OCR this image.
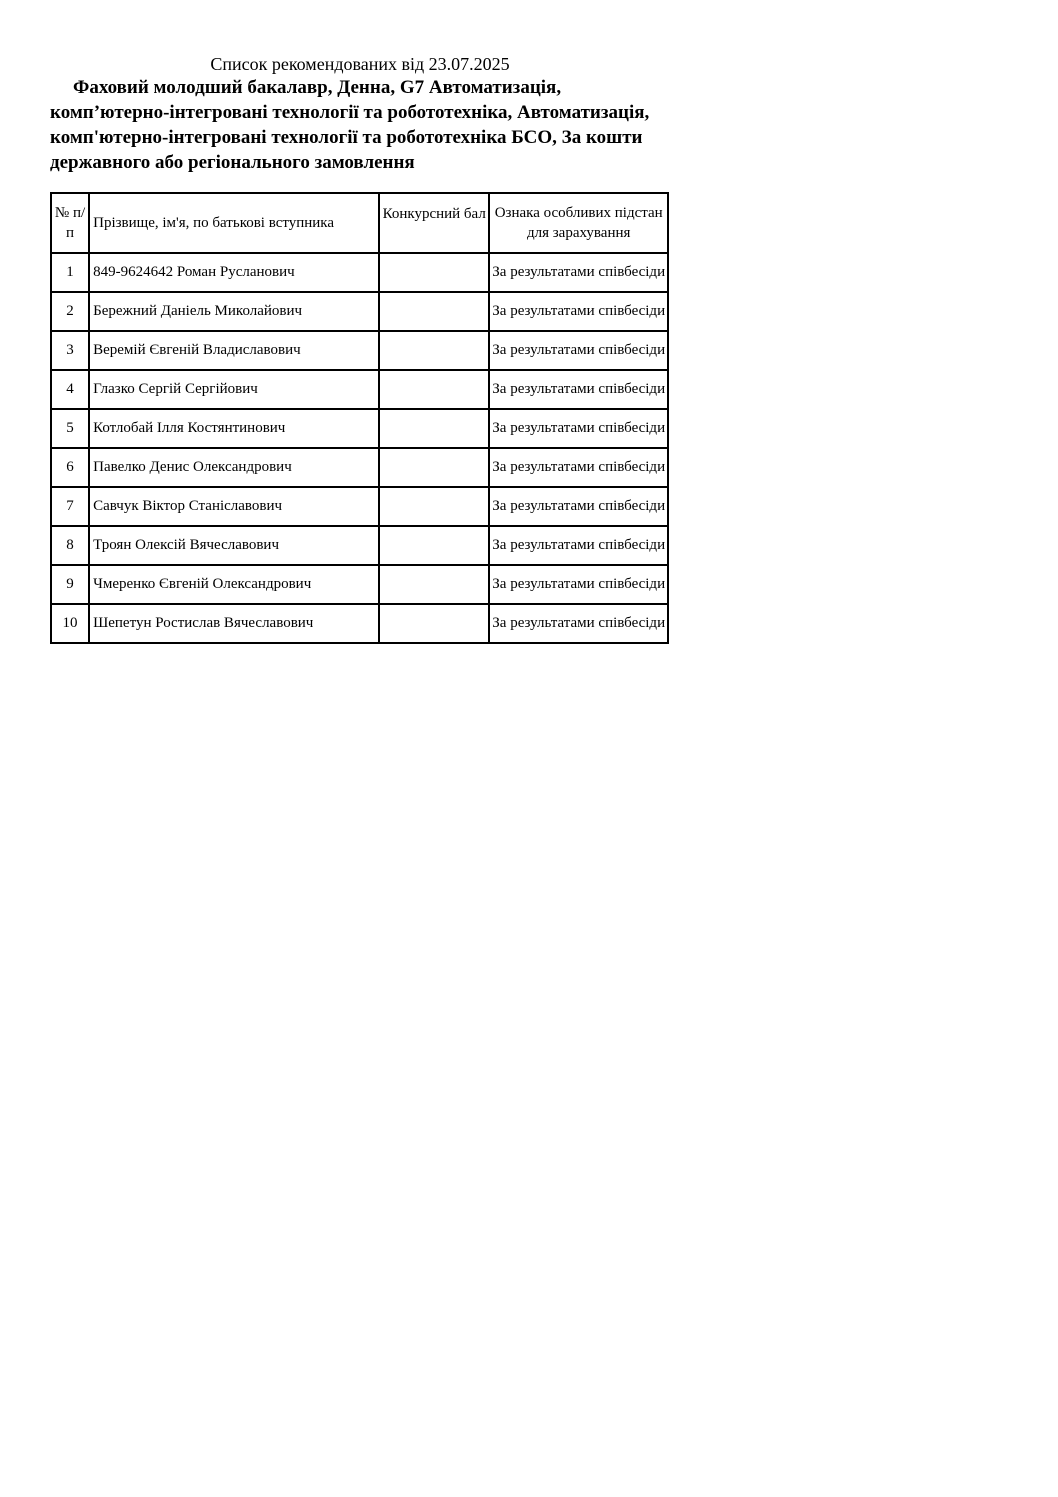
Список рекомендованих від 23.07.2025
Фаховий молодший бакалавр, Денна, G7 Автоматизація, комп’ютерно-інтегровані технології та робототехніка, Автоматизація, комп'ютерно-інтегровані технології та робототехніка БСО, За кошти державного або регіонального замовлення
№ п/п	Прізвище, ім'я, по батькові вступника	Конкурсний бал	Ознака особливих підстан для зарахування
1	849-9624642 Роман Русланович		За результатами співбесіди
2	Бережний Даніель Миколайович		За результатами співбесіди
3	Веремій Євгеній Владиславович		За результатами співбесіди
4	Глазко Сергій Сергійович		За результатами співбесіди
5	Котлобай Ілля Костянтинович		За результатами співбесіди
6	Павелко Денис Олександрович		За результатами співбесіди
7	Савчук Віктор Станіславович		За результатами співбесіди
8	Троян Олексій Вячеславович		За результатами співбесіди
9	Чмеренко Євгеній Олександрович		За результатами співбесіди
10	Шепетун Ростислав Вячеславович		За результатами співбесіди
